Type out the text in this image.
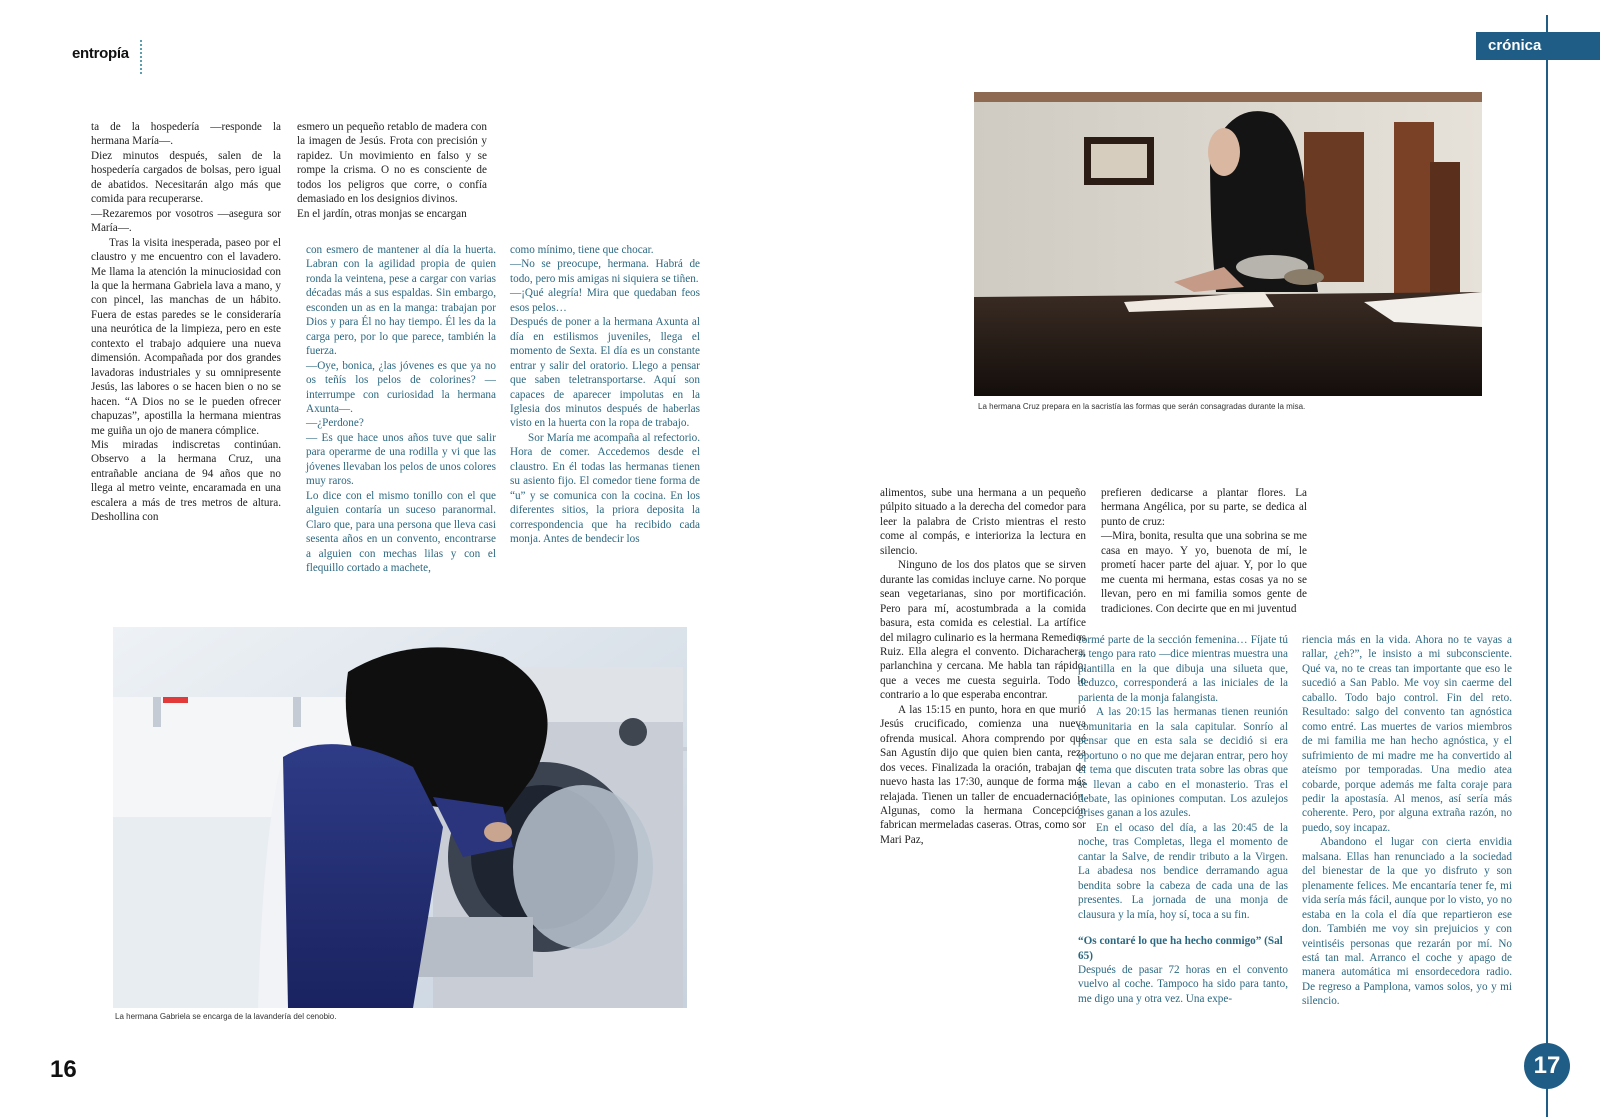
entropía	crónica

ta de la hospedería —responde la hermana María—.

Diez minutos después, salen de la hospedería cargados de bolsas, pero igual de abatidos. Necesitarán algo más que comida para recuperarse.

—Rezaremos por vosotros —asegura sor María—.

Tras la visita inesperada, paseo por el claustro y me encuentro con el lavadero. Me llama la atención la minuciosidad con la que la hermana Gabriela lava a mano, y con pincel, las manchas de un hábito. Fuera de estas paredes se le consideraría una neurótica de la limpieza, pero en este contexto el trabajo adquiere una nueva dimensión. Acompañada por dos grandes lavadoras industriales y su omnipresente Jesús, las labores o se hacen bien o no se hacen. “A Dios no se le pueden ofrecer chapuzas”, apostilla la hermana mientras me guiña un ojo de manera cómplice.

Mis miradas indiscretas continúan. Observo a la hermana Cruz, una entrañable anciana de 94 años que no llega al metro veinte, encaramada en una escalera a más de tres metros de altura. Deshollina con

esmero un pequeño retablo de madera con la imagen de Jesús. Frota con precisión y rapidez. Un movimiento en falso y se rompe la crisma. O no es consciente de todos los peligros que corre, o confía demasiado en los designios divinos.

En el jardín, otras monjas se encargan

con esmero de mantener al día la huerta. Labran con la agilidad propia de quien ronda la veintena, pese a cargar con varias décadas más a sus espaldas. Sin embargo, esconden un as en la manga: trabajan por Dios y para Él no hay tiempo. Él les da la carga pero, por lo que parece, también la fuerza.

—Oye, bonica, ¿las jóvenes es que ya no os teñís los pelos de colorines? —interrumpe con curiosidad la hermana Axunta—.

—¿Perdone?

— Es que hace unos años tuve que salir para operarme de una rodilla y vi que las jóvenes llevaban los pelos de unos colores muy raros.

Lo dice con el mismo tonillo con el que alguien contaría un suceso paranormal. Claro que, para una persona que lleva casi sesenta años en un convento, encontrarse a alguien con mechas lilas y con el flequillo cortado a machete,

como mínimo, tiene que chocar.

—No se preocupe, hermana. Habrá de todo, pero mis amigas ni siquiera se tiñen.

—¡Qué alegría! Mira que quedaban feos esos pelos…

Después de poner a la hermana Axunta al día en estilismos juveniles, llega el momento de Sexta. El día es un constante entrar y salir del oratorio. Llego a pensar que saben teletransportarse. Aquí son capaces de aparecer impolutas en la Iglesia dos minutos después de haberlas visto en la huerta con la ropa de trabajo.

Sor María me acompaña al refectorio. Hora de comer. Accedemos desde el claustro. En él todas las hermanas tienen su asiento fijo. El comedor tiene forma de “u” y se comunica con la cocina. En los diferentes sitios, la priora deposita la correspondencia que ha recibido cada monja. Antes de bendecir los

La hermana Cruz prepara en la sacristía las formas que serán consagradas durante la misa.

alimentos, sube una hermana a un pequeño púlpito situado a la derecha del comedor para leer la palabra de Cristo mientras el resto come al compás, e interioriza la lectura en silencio.

Ninguno de los dos platos que se sirven durante las comidas incluye carne. No porque sean vegetarianas, sino por mortificación. Pero para mí, acostumbrada a la comida basura, esta comida es celestial. La artífice del milagro culinario es la hermana Remedios Ruiz. Ella alegra el convento. Dicharachera, parlanchina y cercana. Me habla tan rápido, que a veces me cuesta seguirla. Todo lo contrario a lo que esperaba encontrar.

A las 15:15 en punto, hora en que murió Jesús crucificado, comienza una nueva ofrenda musical. Ahora comprendo por qué San Agustín dijo que quien bien canta, reza dos veces. Finalizada la oración, trabajan de nuevo hasta las 17:30, aunque de forma más relajada. Tienen un taller de encuadernación. Algunas, como la hermana Concepción fabrican mermeladas caseras. Otras, como sor Mari Paz,

prefieren dedicarse a plantar flores. La hermana Angélica, por su parte, se dedica al punto de cruz:

—Mira, bonita, resulta que una sobrina se me casa en mayo. Y yo, buenota de mí, le prometí hacer parte del ajuar. Y, por lo que me cuenta mi hermana, estas cosas ya no se llevan, pero en mi familia somos gente de tradiciones. Con decirte que en mi juventud

formé parte de la sección femenina… Fíjate tú si tengo para rato —dice mientras muestra una plantilla en la que dibuja una silueta que, deduzco, corresponderá a las iniciales de la parienta de la monja falangista.

A las 20:15 las hermanas tienen reunión comunitaria en la sala capitular. Sonrío al pensar que en esta sala se decidió si era oportuno o no que me dejaran entrar, pero hoy el tema que discuten trata sobre las obras que se llevan a cabo en el monasterio. Tras el debate, las opiniones computan. Los azulejos grises ganan a los azules.

En el ocaso del día, a las 20:45 de la noche, tras Completas, llega el momento de cantar la Salve, de rendir tributo a la Virgen. La abadesa nos bendice derramando agua bendita sobre la cabeza de cada una de las presentes. La jornada de una monja de clausura y la mía, hoy sí, toca a su fin.

“Os contaré lo que ha hecho conmigo” (Sal 65)

Después de pasar 72 horas en el convento vuelvo al coche. Tampoco ha sido para tanto, me digo una y otra vez. Una expe-

riencia más en la vida. Ahora no te vayas a rallar, ¿eh?”, le insisto a mi subconsciente. Qué va, no te creas tan importante que eso le sucedió a San Pablo. Me voy sin caerme del caballo. Todo bajo control. Fin del reto. Resultado: salgo del convento tan agnóstica como entré. Las muertes de varios miembros de mi familia me han hecho agnóstica, y el sufrimiento de mi madre me ha convertido al ateísmo por temporadas. Una medio atea cobarde, porque además me falta coraje para pedir la apostasía. Al menos, así sería más coherente. Pero, por alguna extraña razón, no puedo, soy incapaz.

Abandono el lugar con cierta envidia malsana. Ellas han renunciado a la sociedad del bienestar de la que yo disfruto y son plenamente felices. Me encantaría tener fe, mi vida sería más fácil, aunque por lo visto, yo no estaba en la cola el día que repartieron ese don. También me voy sin prejuicios y con veintiséis personas que rezarán por mí. No está tan mal. Arranco el coche y apago de manera automática mi ensordecedora radio. De regreso a Pamplona, vamos solos, yo y mi silencio.

La hermana Gabriela se encarga de la lavandería del cenobio.
16	17
